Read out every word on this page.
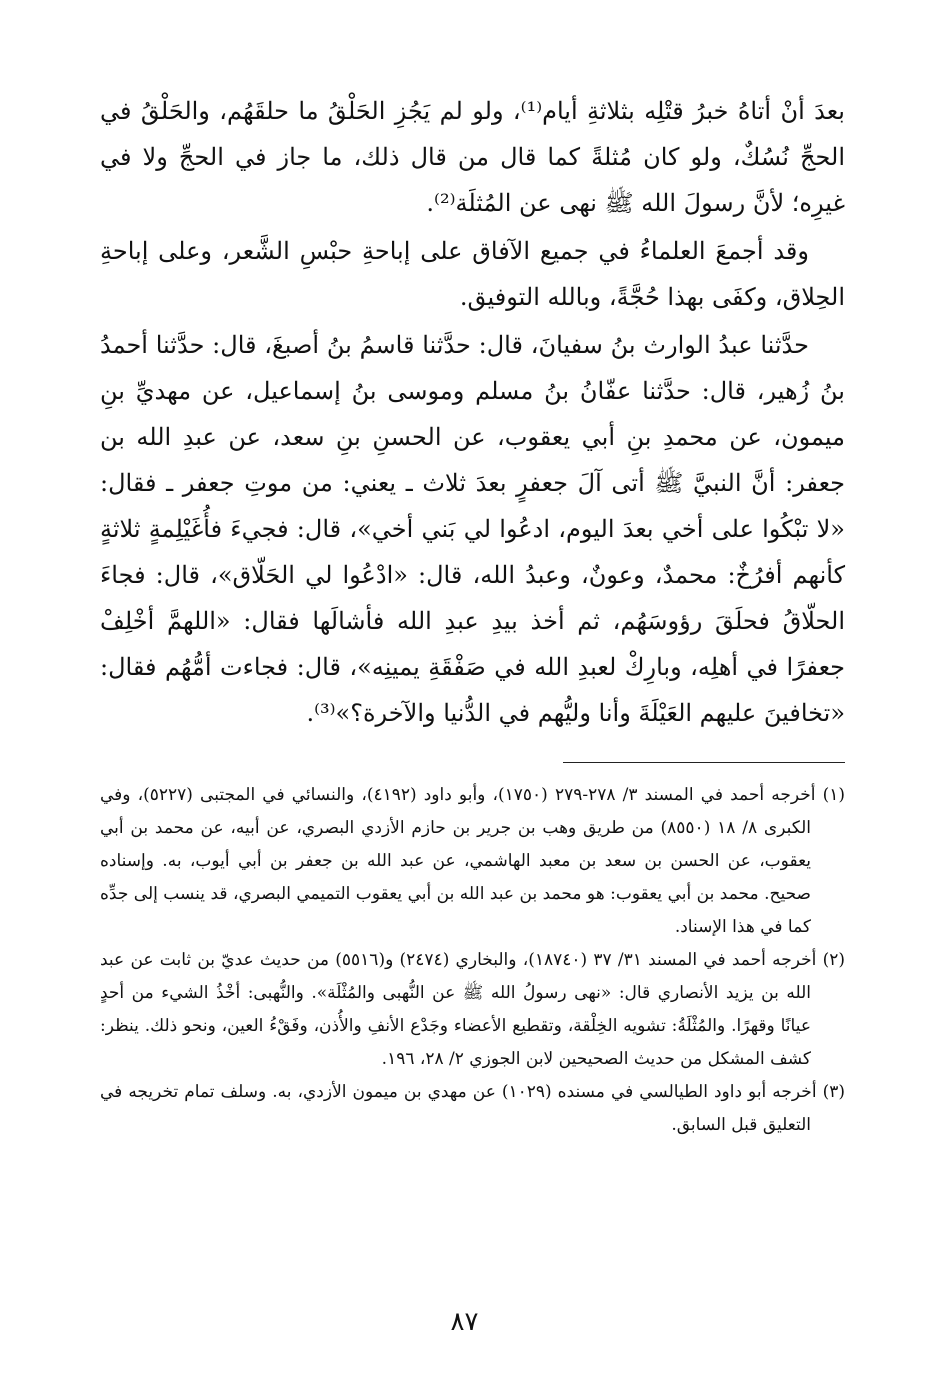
بعدَ أنْ أتاهُ خبرُ قتْلِه بثلاثةِ أيام⁽¹⁾، ولو لم يَجُزِ الحَلْقُ ما حلقَهُم، والحَلْقُ في الحجِّ نُسُكٌ، ولو كان مُثلةً كما قال من قال ذلك، ما جاز في الحجِّ ولا في غيرِه؛ لأنَّ رسولَ الله ﷺ نهى عن المُثلَة⁽²⁾.

وقد أجمعَ العلماءُ في جميع الآفاق على إباحةِ حبْسِ الشَّعر، وعلى إباحةِ الحِلاق، وكفَى بهذا حُجَّةً، وبالله التوفيق.

حدَّثنا عبدُ الوارث بنُ سفيانَ، قال: حدَّثنا قاسمُ بنُ أصبغَ، قال: حدَّثنا أحمدُ بنُ زُهير، قال: حدَّثنا عفّانُ بنُ مسلم وموسى بنُ إسماعيل، عن مهديِّ بنِ ميمون، عن محمدِ بنِ أبي يعقوب، عن الحسنِ بنِ سعد، عن عبدِ الله بن جعفر: أنَّ النبيَّ ﷺ أتى آلَ جعفرٍ بعدَ ثلاث ـ يعني: من موتِ جعفر ـ فقال: «لا تبْكُوا على أخي بعدَ اليوم، ادعُوا لي بَني أخي»، قال: فجيءَ فأُغَيْلِمةٍ ثلاثةٍ كأنهم أفرُخٌ: محمدٌ، وعونٌ، وعبدُ الله، قال: «ادْعُوا لي الحَلّاق»، قال: فجاءَ الحلّاقُ فحلَقَ رؤوسَهُم، ثم أخذ بيدِ عبدِ الله فأشالَها فقال: «اللهمَّ أخْلِفْ جعفرًا في أهلِه، وبارِكْ لعبدِ الله في صَفْقَةِ يمينِه»، قال: فجاءت أمُّهُم فقال: «تخافينَ عليهم العَيْلَةَ وأنا وليُّهم في الدُّنيا والآخرة؟»⁽³⁾.

(١) أخرجه أحمد في المسند ٣/ ٢٧٨-٢٧٩ (١٧٥٠)، وأبو داود (٤١٩٢)، والنسائي في المجتبى (٥٢٢٧)، وفي الكبرى ٨/ ١٨ (٨٥٥٠) من طريق وهب بن جرير بن حازم الأزدي البصري، عن أبيه، عن محمد بن أبي يعقوب، عن الحسن بن سعد بن معبد الهاشمي، عن عبد الله بن جعفر بن أبي أيوب، به. وإسناده صحيح. محمد بن أبي يعقوب: هو محمد بن عبد الله بن أبي يعقوب التميمي البصري، قد ينسب إلى جدِّه كما في هذا الإسناد.

(٢) أخرجه أحمد في المسند ٣١/ ٣٧ (١٨٧٤٠)، والبخاري (٢٤٧٤) و(٥٥١٦) من حديث عديّ بن ثابت عن عبد الله بن يزيد الأنصاري قال: «نهى رسولُ الله ﷺ عن النُّهبى والمُثْلَة». والنُّهبى: أخْذُ الشيء من أحدٍ عيانًا وقهرًا. والمُثْلَةُ: تشويه الخِلْقة، وتقطيع الأعضاء وجَدْع الأنفِ والأُذن، وفَقْءُ العين، ونحو ذلك. ينظر: كشف المشكل من حديث الصحيحين لابن الجوزي ٢/ ٢٨، ١٩٦.

(٣) أخرجه أبو داود الطيالسي في مسنده (١٠٢٩) عن مهدي بن ميمون الأزدي، به. وسلف تمام تخريجه في التعليق قبل السابق.

٨٧
